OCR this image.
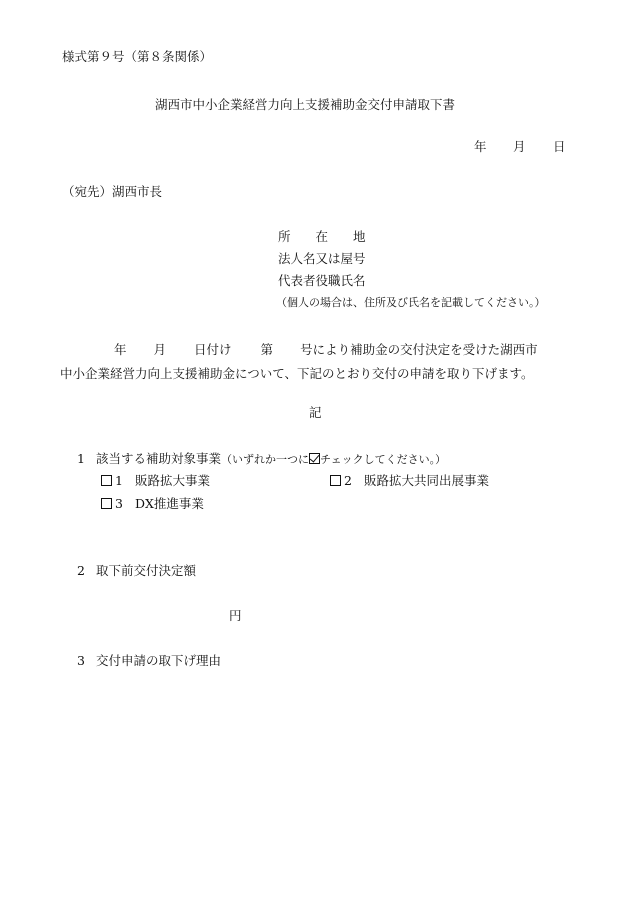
様式第９号（第８条関係）
湖西市中小企業経営力向上支援補助金交付申請取下書
年 月 日
（宛先）湖西市長
所　　在　　地
法人名又は屋号
代表者役職氏名
（個人の場合は、住所及び氏名を記載してください。）
年 月 日付け 第 号により補助金の交付決定を受けた湖西市
中小企業経営力向上支援補助金について、下記のとおり交付の申請を取り下げます。
記
1 該当する補助対象事業（いずれか一つに チェックしてください。）
1 販路拡大事業	2 販路拡大共同出展事業
3 DX推進事業
2 取下前交付決定額
円
3 交付申請の取下げ理由
